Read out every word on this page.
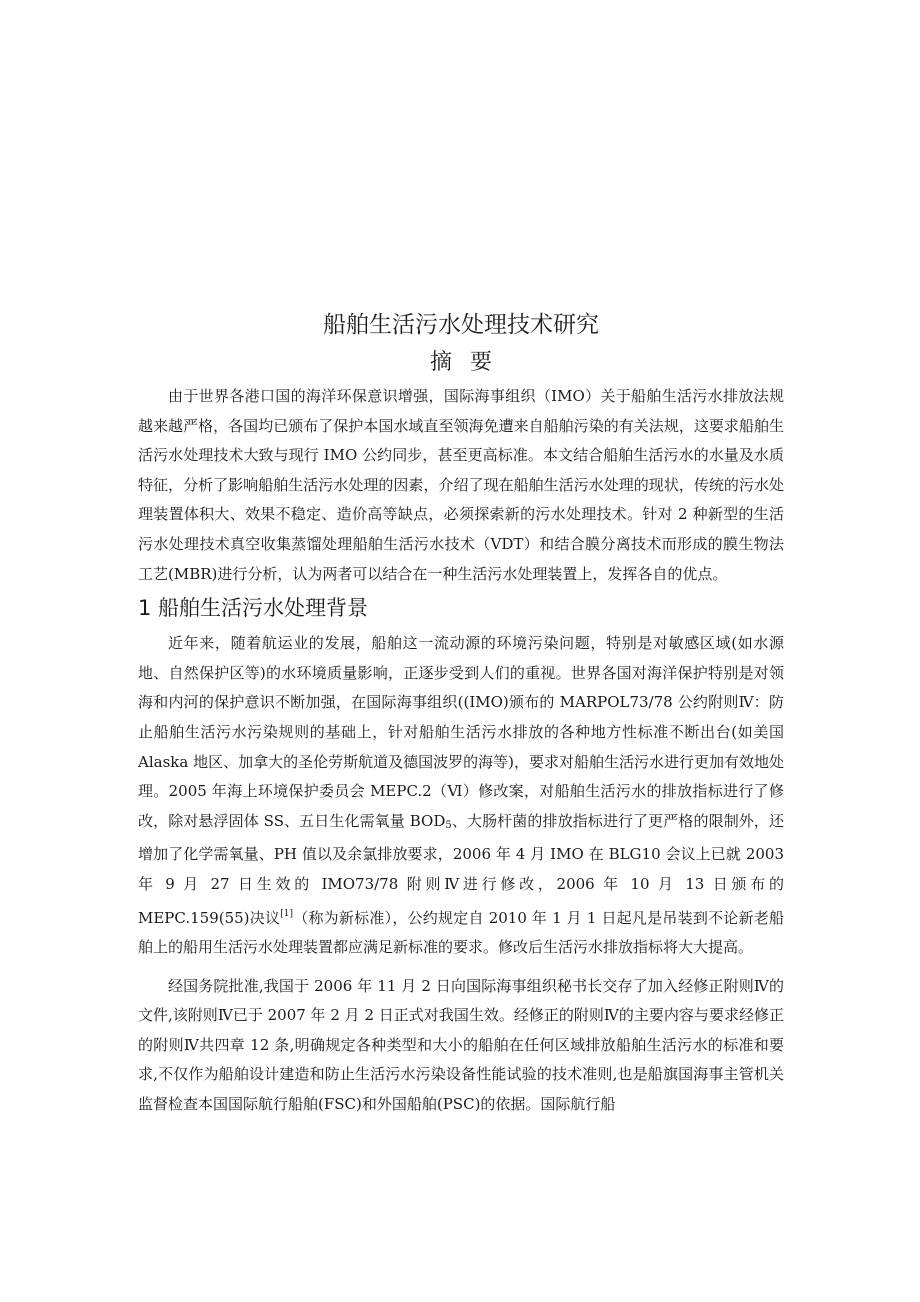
船舶生活污水处理技术研究
摘要

由于世界各港口国的海洋环保意识增强，国际海事组织（IMO）关于船舶生活污水排放法规越来越严格，各国均已颁布了保护本国水域直至领海免遭来自船舶污染的有关法规，这要求船舶生活污水处理技术大致与现行 IMO 公约同步，甚至更高标准。本文结合船舶生活污水的水量及水质特征，分析了影响船舶生活污水处理的因素，介绍了现在船舶生活污水处理的现状，传统的污水处理装置体积大、效果不稳定、造价高等缺点，必须探索新的污水处理技术。针对 2 种新型的生活污水处理技术真空收集蒸馏处理船舶生活污水技术（VDT）和结合膜分离技术而形成的膜生物法工艺(MBR)进行分析，认为两者可以结合在一种生活污水处理装置上，发挥各自的优点。

1 船舶生活污水处理背景

近年来，随着航运业的发展，船舶这一流动源的环境污染问题，特别是对敏感区域(如水源地、自然保护区等)的水环境质量影响，正逐步受到人们的重视。世界各国对海洋保护特别是对领海和内河的保护意识不断加强，在国际海事组织((IMO)颁布的 MARPOL73/78 公约附则Ⅳ：防止船舶生活污水污染规则的基础上，针对船舶生活污水排放的各种地方性标准不断出台(如美国 Alaska 地区、加拿大的圣伦劳斯航道及德国波罗的海等)，要求对船舶生活污水进行更加有效地处理。2005 年海上环境保护委员会 MEPC.2（Ⅵ）修改案，对船舶生活污水的排放指标进行了修改，除对悬浮固体 SS、五日生化需氧量 $BOD_5$、大肠杆菌的排放指标进行了更严格的限制外，还增加了化学需氧量、PH 值以及余氯排放要求，2006 年 4 月 IMO 在 BLG10 会议上已就 2003 年 9 月 27 日生效的 IMO73/78 附则Ⅳ进行修改，2006 年 10 月 13 日颁布的 MEPC.159(55)决议[1]（称为新标准），公约规定自 2010 年 1 月 1 日起凡是吊装到不论新老船舶上的船用生活污水处理装置都应满足新标准的要求。修改后生活污水排放指标将大大提高。

经国务院批准,我国于 2006 年 11 月 2 日向国际海事组织秘书长交存了加入经修正附则Ⅳ的文件,该附则Ⅳ已于 2007 年 2 月 2 日正式对我国生效。经修正的附则Ⅳ的主要内容与要求经修正的附则Ⅳ共四章 12 条,明确规定各种类型和大小的船舶在任何区域排放船舶生活污水的标准和要求,不仅作为船舶设计建造和防止生活污水污染设备性能试验的技术准则,也是船旗国海事主管机关监督检查本国国际航行船舶(FSC)和外国船舶(PSC)的依据。国际航行船
